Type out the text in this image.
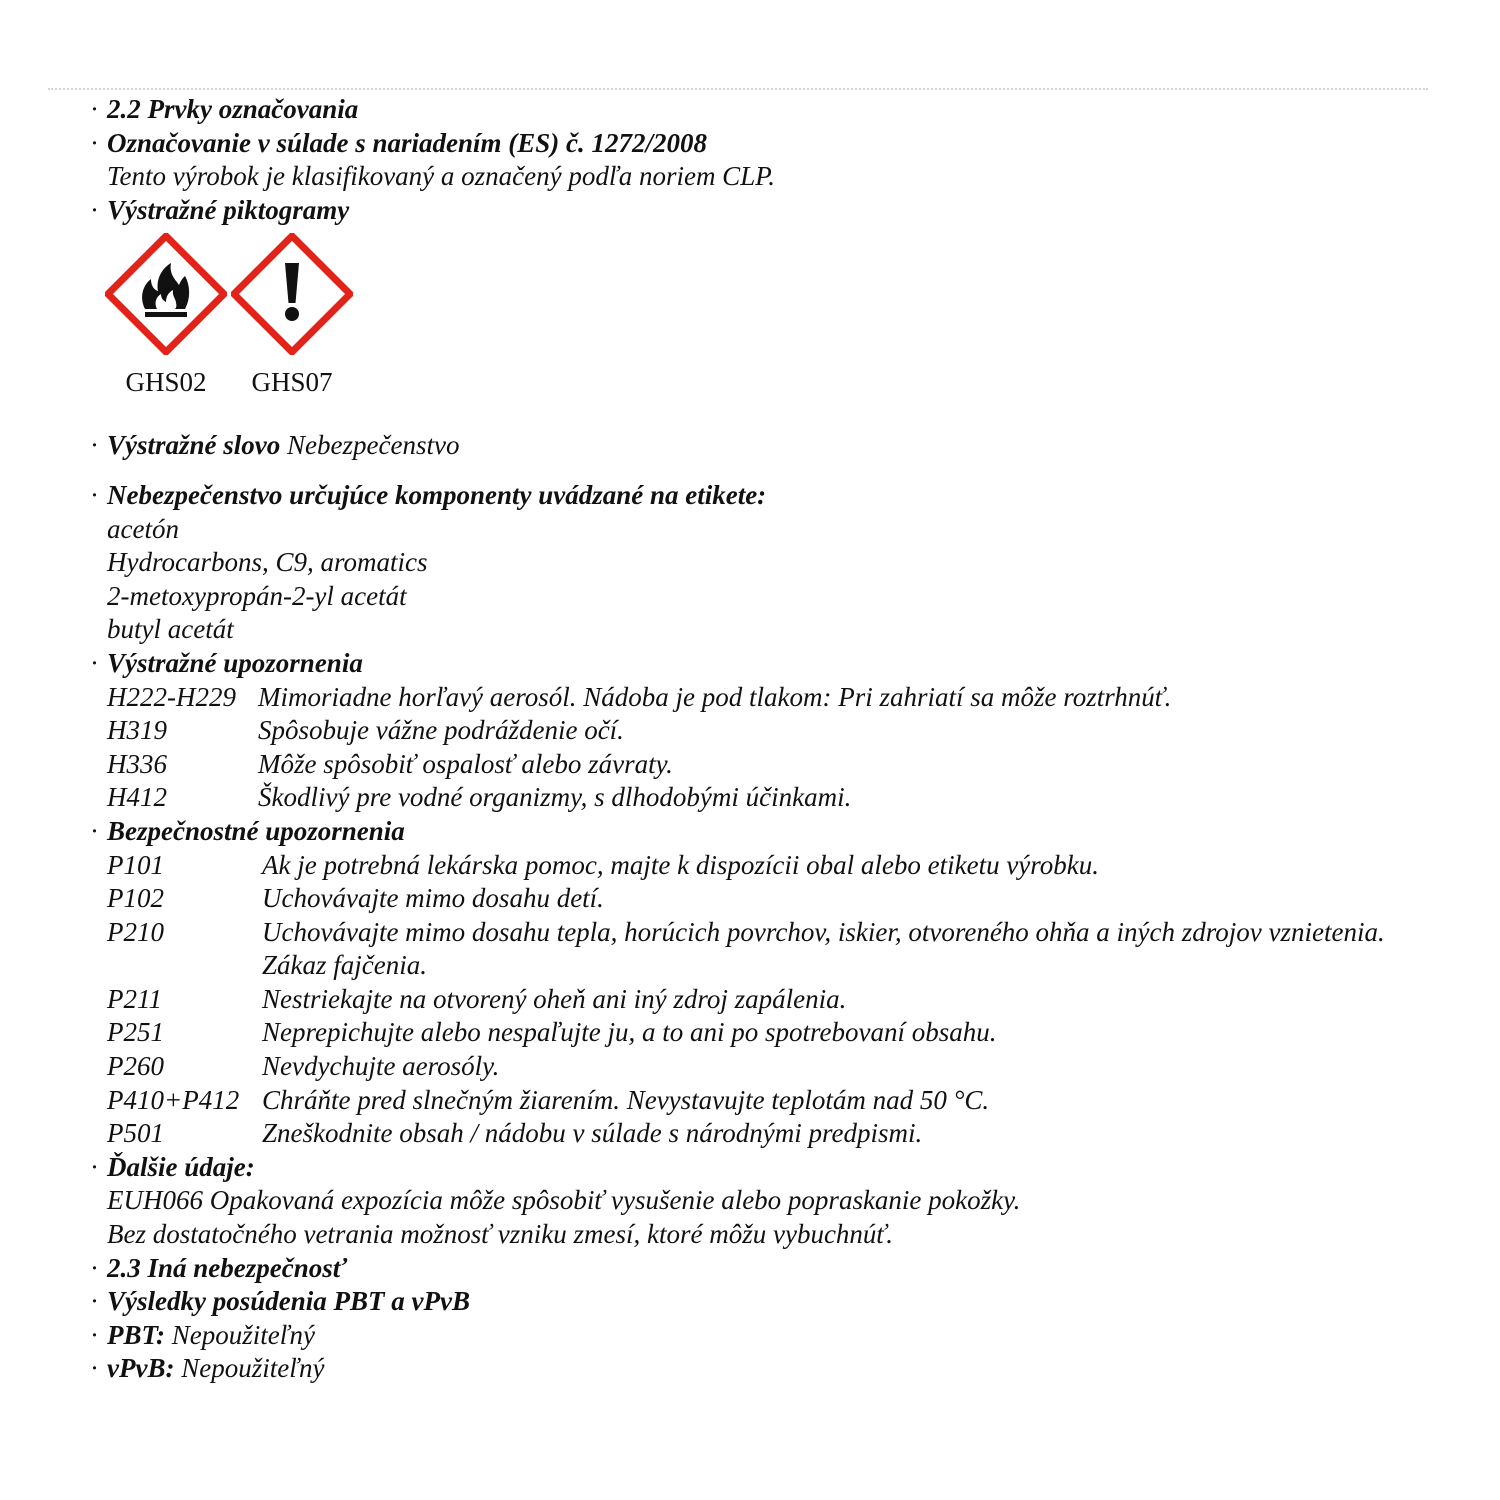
· 2.2 Prvky označovania
· Označovanie v súlade s nariadením (ES) č. 1272/2008
Tento výrobok je klasifikovaný a označený podľa noriem CLP.
· Výstražné piktogramy
GHS02	GHS07
· Výstražné slovo Nebezpečenstvo
· Nebezpečenstvo určujúce komponenty uvádzané na etikete:
acetón
Hydrocarbons, C9, aromatics
2-metoxypropán-2-yl acetát
butyl acetát
· Výstražné upozornenia
H222-H229 Mimoriadne horľavý aerosól. Nádoba je pod tlakom: Pri zahriatí sa môže roztrhnúť.
H319	Spôsobuje vážne podráždenie očí.
H336	Môže spôsobiť ospalosť alebo závraty.
H412	Škodlivý pre vodné organizmy, s dlhodobými účinkami.
· Bezpečnostné upozornenia
P101	Ak je potrebná lekárska pomoc, majte k dispozícii obal alebo etiketu výrobku.
P102	Uchovávajte mimo dosahu detí.
P210	Uchovávajte mimo dosahu tepla, horúcich povrchov, iskier, otvoreného ohňa a iných zdrojov vznietenia. Zákaz fajčenia.
P211	Nestriekajte na otvorený oheň ani iný zdroj zapálenia.
P251	Neprepichujte alebo nespaľujte ju, a to ani po spotrebovaní obsahu.
P260	Nevdychujte aerosóly.
P410+P412 Chráňte pred slnečným žiarením. Nevystavujte teplotám nad 50 °C.
P501	Zneškodnite obsah / nádobu v súlade s národnými predpismi.
· Ďalšie údaje:
EUH066 Opakovaná expozícia môže spôsobiť vysušenie alebo popraskanie pokožky.
Bez dostatočného vetrania možnosť vzniku zmesí, ktoré môžu vybuchnúť.
· 2.3 Iná nebezpečnosť
· Výsledky posúdenia PBT a vPvB
· PBT: Nepoužiteľný
· vPvB: Nepoužiteľný
